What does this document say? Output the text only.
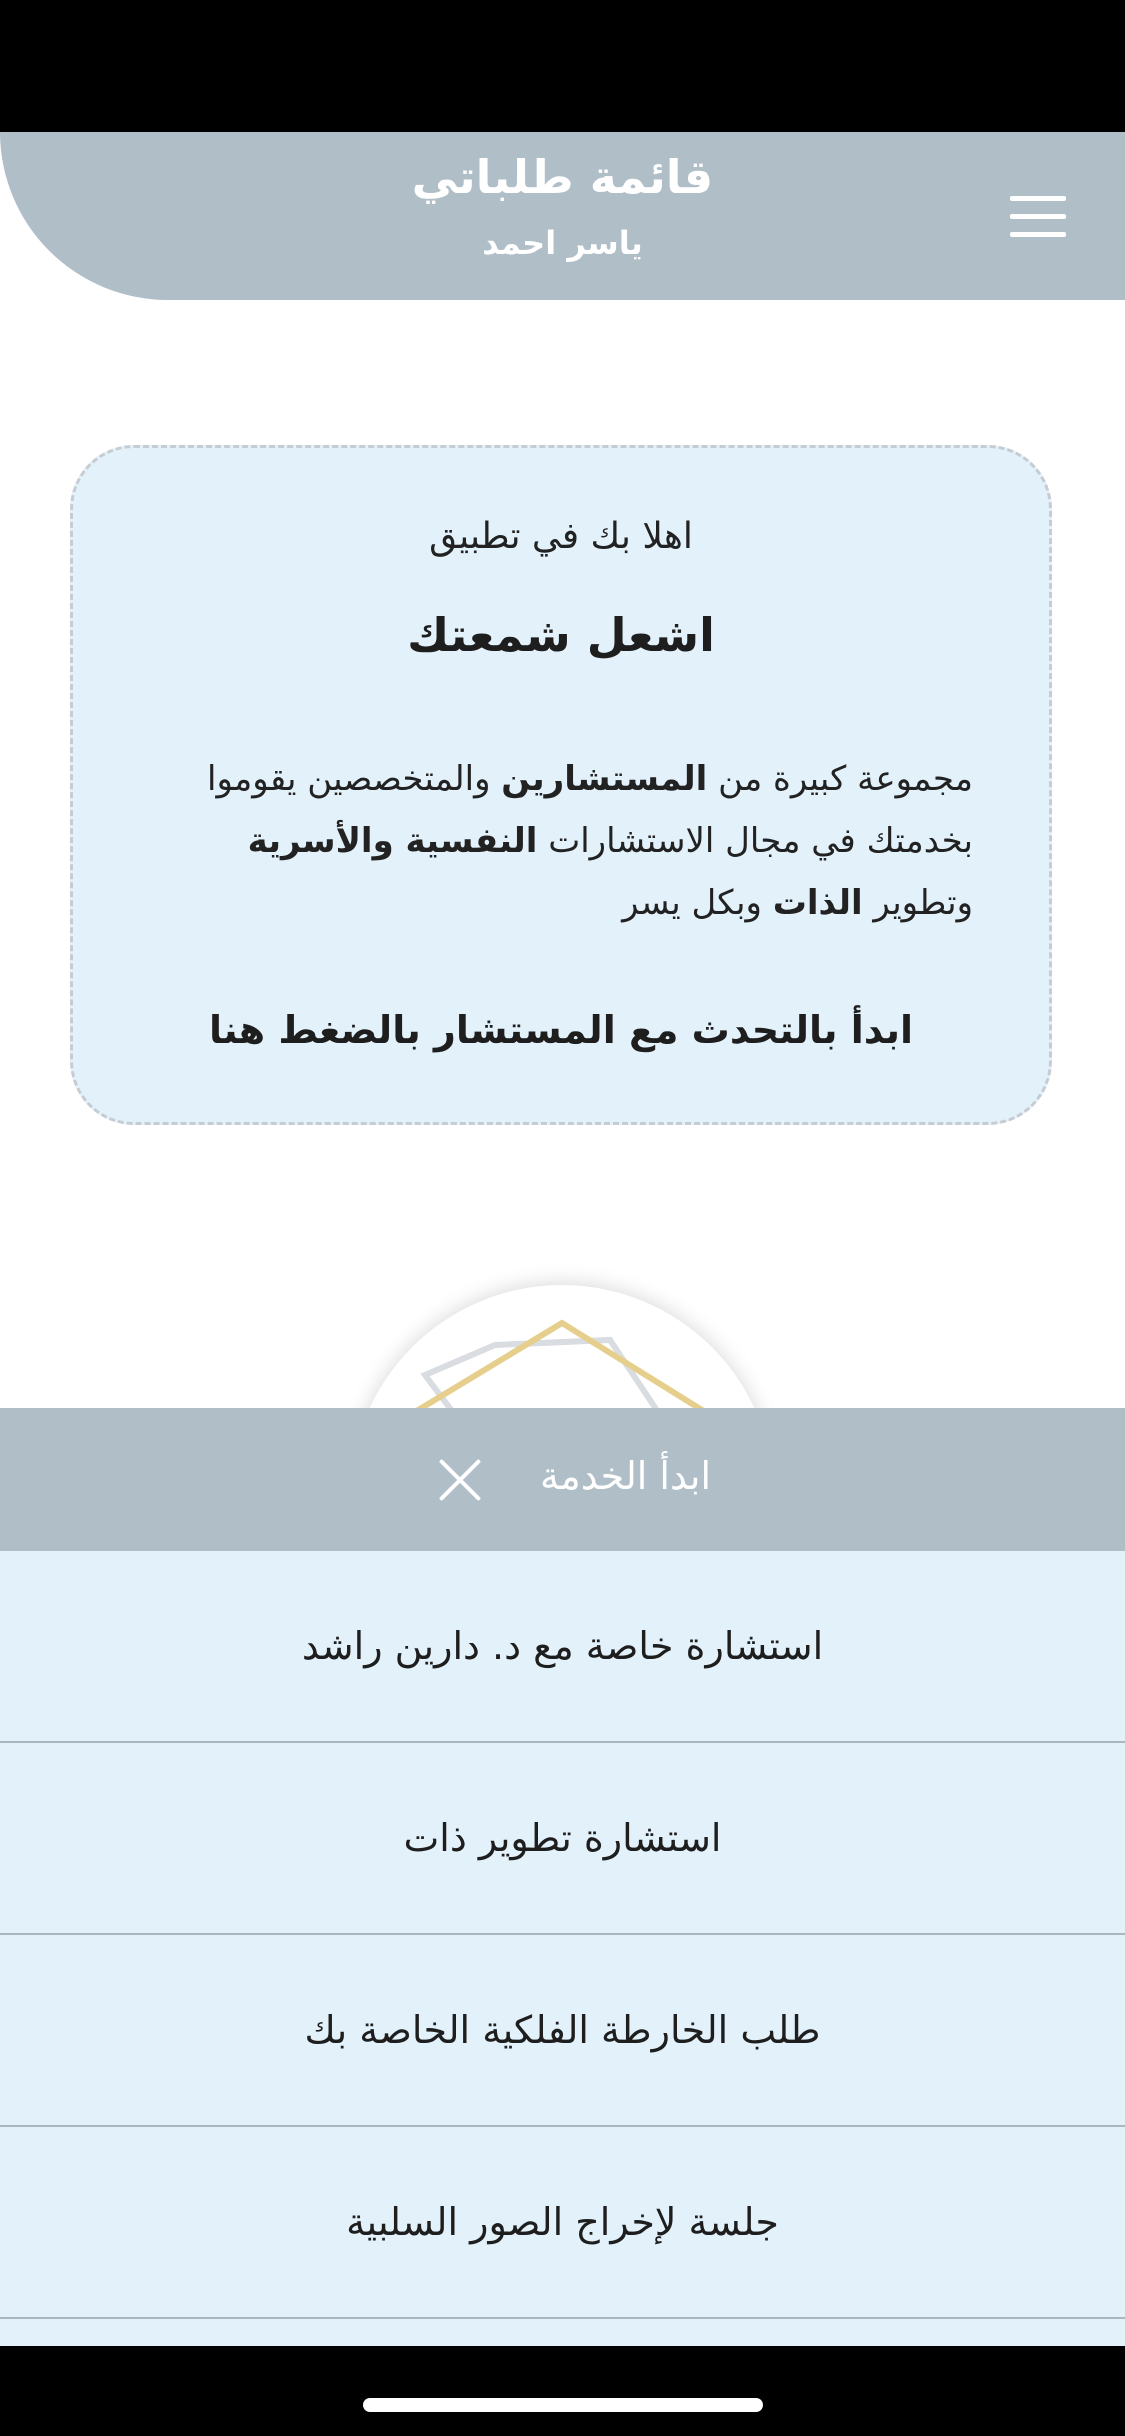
قائمة طلباتي
ياسر احمد
اهلا بك في تطبيق
اشعل شمعتك
مجموعة كبيرة من المستشارين والمتخصصين يقوموا بخدمتك في مجال الاستشارات النفسية والأسرية وتطوير الذات وبكل يسر
ابدأ بالتحدث مع المستشار بالضغط هنا
ابدأ الخدمة
استشارة خاصة مع د. دارين راشد
استشارة تطوير ذات
طلب الخارطة الفلكية الخاصة بك
جلسة لإخراج الصور السلبية
